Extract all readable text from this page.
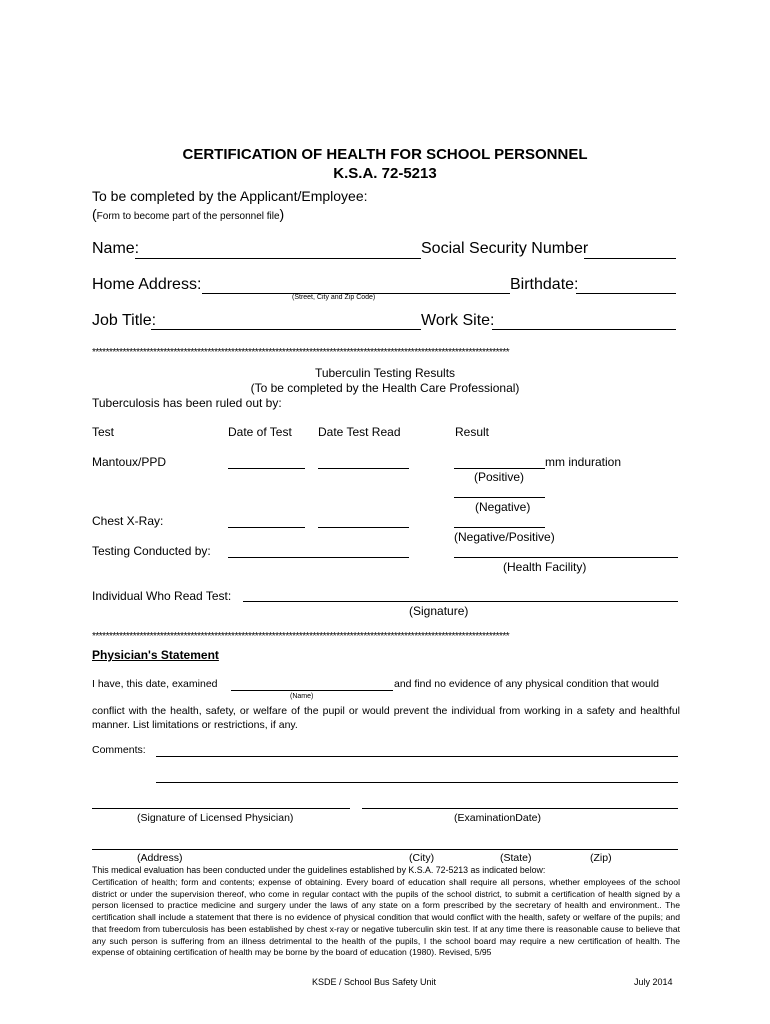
CERTIFICATION OF HEALTH FOR SCHOOL PERSONNEL
K.S.A. 72-5213
To be completed by the Applicant/Employee:
(Form to become part of the personnel file)
Name:	Social Security Number
Home Address:
(Street, City and Zip Code)
Birthdate:
Job Title:	Work Site:
***************************************************************************************************************************
Tuberculin Testing Results
(To be completed by the Health Care Professional)
Tuberculosis has been ruled out by:
Test	Date of Test Date Test Read	Result
Mantoux/PPD	mm induration
(Positive)
(Negative)
Chest X-Ray:
(Negative/Positive)
Testing Conducted by:
(Health Facility)
Individual Who Read Test:
(Signature)
***************************************************************************************************************************
Physician's Statement
I have, this date, examined	and find no evidence of any physical condition that would
(Name)
conflict with the health, safety, or welfare of the pupil or would prevent the individual from working in a safety and healthful manner. List limitations or restrictions, if any.
Comments:
(Signature of Licensed Physician)	(ExaminationDate)
(Address)	(City)	(State)	(Zip)
This medical evaluation has been conducted under the guidelines established by K.S.A. 72-5213 as indicated below:
Certification of health; form and contents; expense of obtaining. Every board of education shall require all persons, whether employees of the school district or under the supervision thereof, who come in regular contact with the pupils of the school district, to submit a certification of health signed by a person licensed to practice medicine and surgery under the laws of any state on a form prescribed by the secretary of health and environment.. The certification shall include a statement that there is no evidence of physical condition that would conflict with the health, safety or welfare of the pupils; and that freedom from tuberculosis has been established by chest x-ray or negative tuberculin skin test. If at any time there is reasonable cause to believe that any such person is suffering from an illness detrimental to the health of the pupils, I the school board may require a new certification of health. The expense of obtaining certification of health may be borne by the board of education (1980). Revised, 5/95
KSDE / School Bus Safety Unit	July 2014
